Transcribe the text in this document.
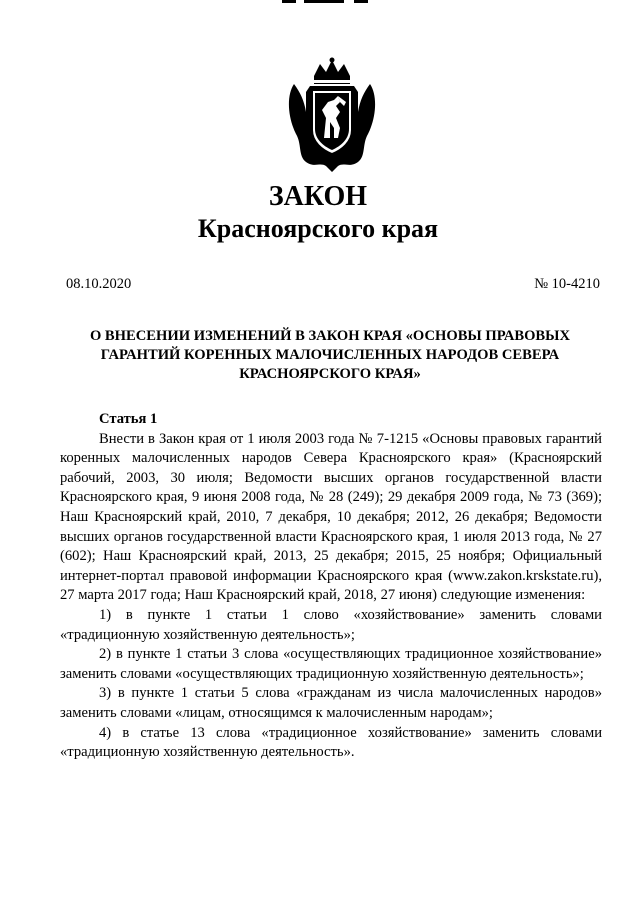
ЗАКОН
Красноярского края
08.10.2020	№ 10-4210
О ВНЕСЕНИИ ИЗМЕНЕНИЙ В ЗАКОН КРАЯ «ОСНОВЫ ПРАВОВЫХ
ГАРАНТИЙ КОРЕННЫХ МАЛОЧИСЛЕННЫХ НАРОДОВ СЕВЕРА
КРАСНОЯРСКОГО КРАЯ»
Статья 1

Внести в Закон края от 1 июля 2003 года № 7-1215 «Основы правовых гарантий коренных малочисленных народов Севера Красноярского края» (Красноярский рабочий, 2003, 30 июля; Ведомости высших органов государственной власти Красноярского края, 9 июня 2008 года, № 28 (249); 29 декабря 2009 года, № 73 (369); Наш Красноярский край, 2010, 7 декабря, 10 декабря; 2012, 26 декабря; Ведомости высших органов государственной власти Красноярского края, 1 июля 2013 года, № 27 (602); Наш Красноярский край, 2013, 25 декабря; 2015, 25 ноября; Официальный интернет-портал правовой информации Красноярского края (www.zakon.krskstate.ru), 27 марта 2017 года; Наш Красноярский край, 2018, 27 июня) следующие изменения:

1) в пункте 1 статьи 1 слово «хозяйствование» заменить словами «традиционную хозяйственную деятельность»;

2) в пункте 1 статьи 3 слова «осуществляющих традиционное хозяйствование» заменить словами «осуществляющих традиционную хозяйственную деятельность»;

3) в пункте 1 статьи 5 слова «гражданам из числа малочисленных народов» заменить словами «лицам, относящимся к малочисленным народам»;

4) в статье 13 слова «традиционное хозяйствование» заменить словами «традиционную хозяйственную деятельность».
